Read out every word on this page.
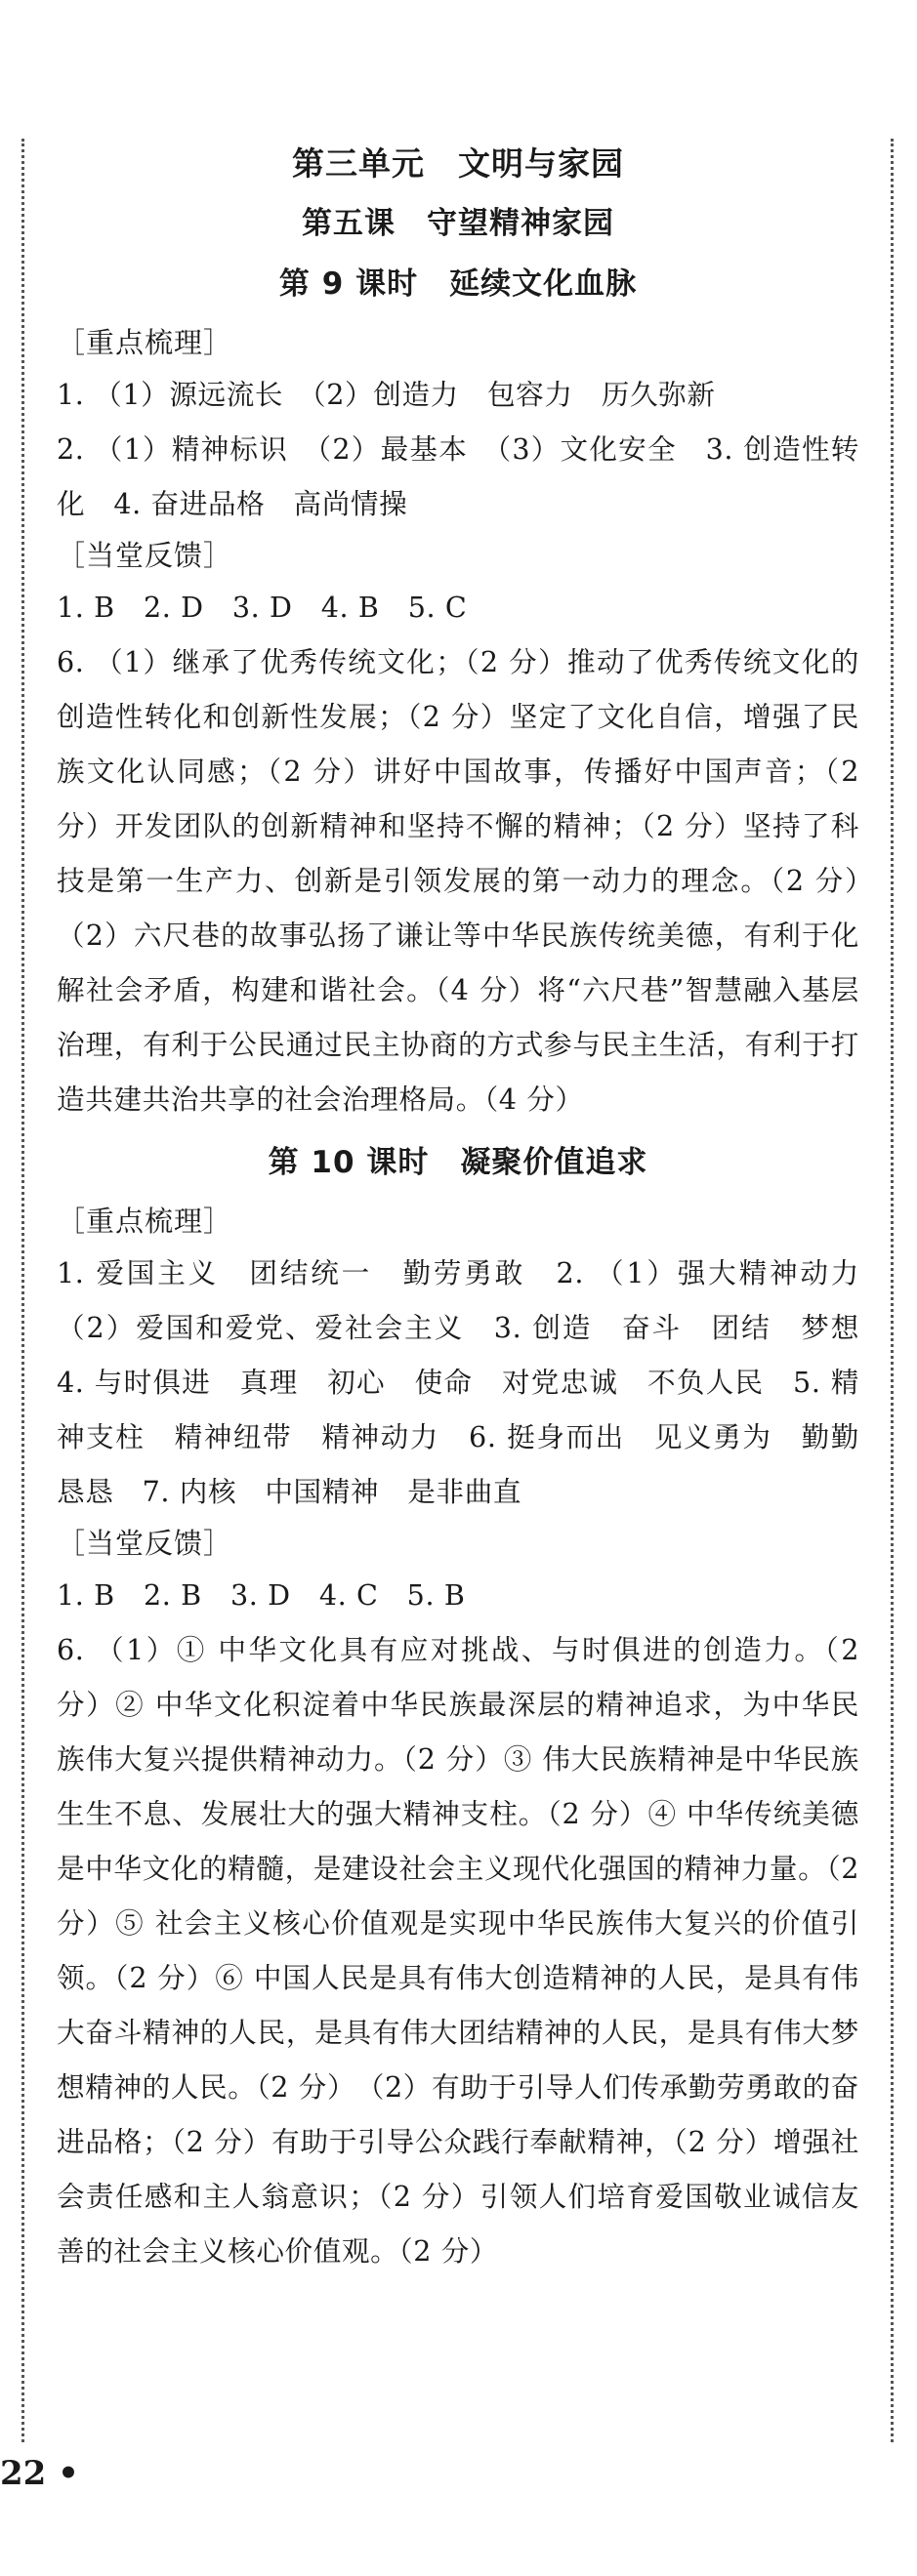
第三单元　文明与家园
第五课　守望精神家园
第 9 课时　延续文化血脉
［重点梳理］

1. （1）源远流长　（2）创造力　包容力　历久弥新

2. （1）精神标识　（2）最基本　（3）文化安全　3. 创造性转化　4. 奋进品格　高尚情操

［当堂反馈］

1. B　2. D　3. D　4. B　5. C

6. （1）继承了优秀传统文化；（2 分）推动了优秀传统文化的创造性转化和创新性发展；（2 分）坚定了文化自信，增强了民族文化认同感；（2 分）讲好中国故事，传播好中国声音；（2 分）开发团队的创新精神和坚持不懈的精神；（2 分）坚持了科技是第一生产力、创新是引领发展的第一动力的理念。（2 分）　（2）六尺巷的故事弘扬了谦让等中华民族传统美德，有利于化解社会矛盾，构建和谐社会。（4 分）将“六尺巷”智慧融入基层治理，有利于公民通过民主协商的方式参与民主生活，有利于打造共建共治共享的社会治理格局。（4 分）

第 10 课时　凝聚价值追求
［重点梳理］

1. 爱国主义　团结统一　勤劳勇敢　2. （1）强大精神动力　（2）爱国和爱党、爱社会主义　3. 创造　奋斗　团结　梦想　4. 与时俱进　真理　初心　使命　对党忠诚　不负人民　5. 精神支柱　精神纽带　精神动力　6. 挺身而出　见义勇为　勤勤恳恳　7. 内核　中国精神　是非曲直

［当堂反馈］

1. B　2. B　3. D　4. C　5. B

6. （1）① 中华文化具有应对挑战、与时俱进的创造力。（2 分）② 中华文化积淀着中华民族最深层的精神追求，为中华民族伟大复兴提供精神动力。（2 分）③ 伟大民族精神是中华民族生生不息、发展壮大的强大精神支柱。（2 分）④ 中华传统美德是中华文化的精髓，是建设社会主义现代化强国的精神力量。（2 分）⑤ 社会主义核心价值观是实现中华民族伟大复兴的价值引领。（2 分）⑥ 中国人民是具有伟大创造精神的人民，是具有伟大奋斗精神的人民，是具有伟大团结精神的人民，是具有伟大梦想精神的人民。（2 分）　（2）有助于引导人们传承勤劳勇敢的奋进品格；（2 分）有助于引导公众践行奉献精神，（2 分）增强社会责任感和主人翁意识；（2 分）引领人们培育爱国敬业诚信友善的社会主义核心价值观。（2 分）

22 •
